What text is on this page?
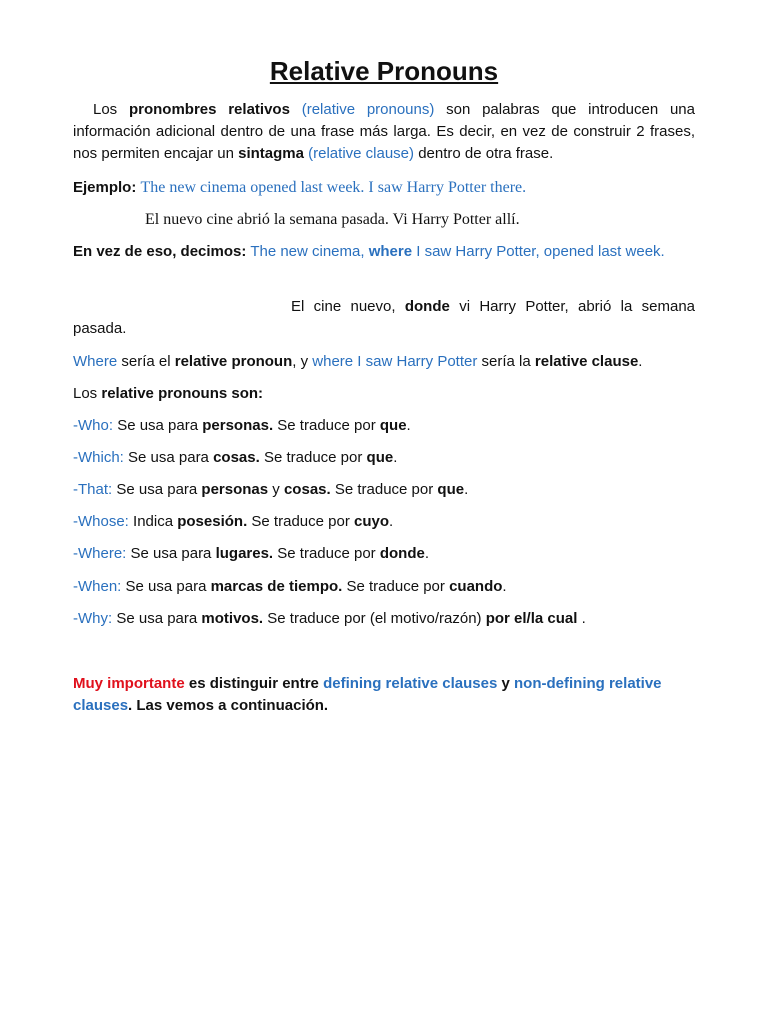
Relative Pronouns

Los pronombres relativos (relative pronouns) son palabras que introducen una información adicional dentro de una frase más larga. Es decir, en vez de construir 2 frases, nos permiten encajar un sintagma (relative clause) dentro de otra frase.

Ejemplo: The new cinema opened last week. I saw Harry Potter there.

El nuevo cine abrió la semana pasada. Vi Harry Potter allí.

En vez de eso, decimos: The new cinema, where I saw Harry Potter, opened last week.

El cine nuevo, donde vi Harry Potter, abrió la semana pasada.

Where sería el relative pronoun, y where I saw Harry Potter sería la relative clause.

Los relative pronouns son:

-Who: Se usa para personas. Se traduce por que.

-Which: Se usa para cosas. Se traduce por que.

-That: Se usa para personas y cosas. Se traduce por que.

-Whose: Indica posesión. Se traduce por cuyo.

-Where: Se usa para lugares. Se traduce por donde.

-When: Se usa para marcas de tiempo. Se traduce por cuando.

-Why: Se usa para motivos. Se traduce por (el motivo/razón) por el/la cual .

Muy importante es distinguir entre defining relative clauses y non-defining relative clauses. Las vemos a continuación.
